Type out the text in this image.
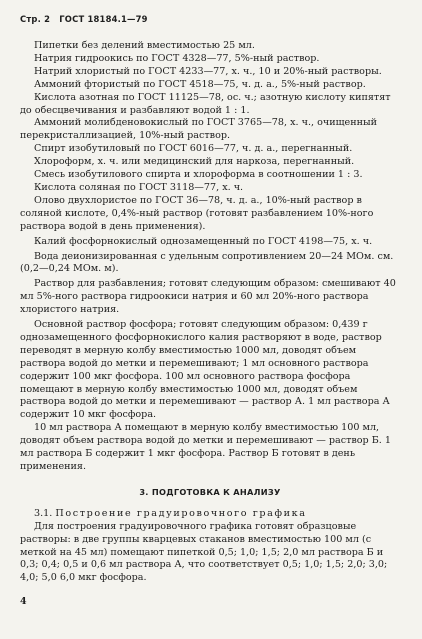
Стр. 2 ГОСТ 18184.1—79

Пипетки без делений вместимостью 25 мл.

Натрия гидроокись по ГОСТ 4328—77, 5%-ный раствор.

Натрий хлористый по ГОСТ 4233—77, х. ч., 10 и 20%-ный растворы.

Аммоний фтористый по ГОСТ 4518—75, ч. д. а., 5%-ный раствор.

Кислота азотная по ГОСТ 11125—78, ос. ч.; азотную кислоту кипятят до обесцвечивания и разбавляют водой 1 : 1.

Аммоний молибденовокислый по ГОСТ 3765—78, х. ч., очищенный перекристаллизацией, 10%-ный раствор.

Спирт изобутиловый по ГОСТ 6016—77, ч. д. а., перегнанный.

Хлороформ, х. ч. или медицинский для наркоза, перегнанный.

Смесь изобутилового спирта и хлороформа в соотношении 1 : 3.

Кислота соляная по ГОСТ 3118—77, х. ч.

Олово двухлористое по ГОСТ 36—78, ч. д. а., 10%-ный раствор в соляной кислоте, 0,4%-ный раствор (готовят разбавлением 10%-ного раствора водой в день применения).

Калий фосфорнокислый однозамещенный по ГОСТ 4198—75, х. ч.

Вода деионизированная с удельным сопротивлением 20—24 МОм. см. (0,2—0,24 МОм. м).

Раствор для разбавления; готовят следующим образом: смешивают 40 мл 5%-ного раствора гидроокиси натрия и 60 мл 20%-ного раствора хлористого натрия.

Основной раствор фосфора; готовят следующим образом: 0,439 г однозамещенного фосфорнокислого калия растворяют в воде, раствор переводят в мерную колбу вместимостью 1000 мл, доводят объем раствора водой до метки и перемешивают; 1 мл основного раствора содержит 100 мкг фосфора. 100 мл основного раствора фосфора помещают в мерную колбу вместимостью 1000 мл, доводят объем раствора водой до метки и перемешивают — раствор А. 1 мл раствора А содержит 10 мкг фосфора.

10 мл раствора А помещают в мерную колбу вместимостью 100 мл, доводят объем раствора водой до метки и перемешивают — раствор Б. 1 мл раствора Б содержит 1 мкг фосфора. Раствор Б готовят в день применения.

3. ПОДГОТОВКА К АНАЛИЗУ

3.1. Построение градуировочного графика

Для построения градуировочного графика готовят образцовые растворы: в две группы кварцевых стаканов вместимостью 100 мл (с меткой на 45 мл) помещают пипеткой 0,5; 1,0; 1,5; 2,0 мл раствора Б и 0,3; 0,4; 0,5 и 0,6 мл раствора А, что соответствует 0,5; 1,0; 1,5; 2,0; 3,0; 4,0; 5,0 6,0 мкг фосфора.

4
